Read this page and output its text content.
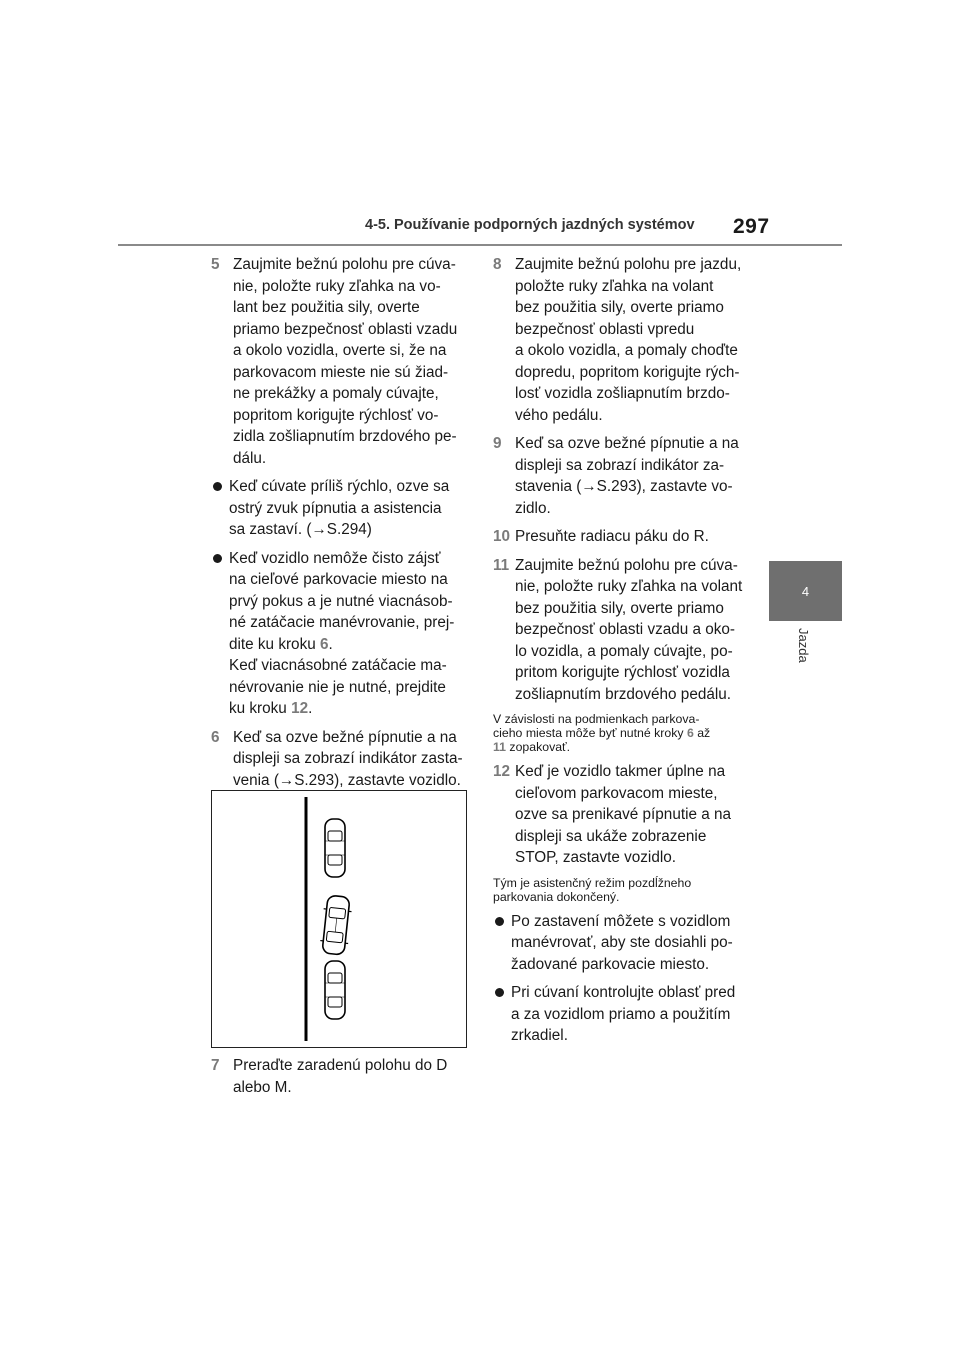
4-5. Používanie podporných jazdných systémov 297
4
Jazda
5 Zaujmite bežnú polohu pre cúva-
nie, položte ruky zľahka na vo-
lant bez použitia sily, overte
priamo bezpečnosť oblasti vzadu
a okolo vozidla, overte si, že na
parkovacom mieste nie sú žiad-
ne prekážky a pomaly cúvajte,
popritom korigujte rýchlosť vo-
zidla zošliapnutím brzdového pe-
dálu.
Keď cúvate príliš rýchlo, ozve sa
ostrý zvuk pípnutia a asistencia
sa zastaví. (→S.294)
Keď vozidlo nemôže čisto zájsť
na cieľové parkovacie miesto na
prvý pokus a je nutné viacnásob-
né zatáčacie manévrovanie, prej-
dite ku kroku 6.
Keď viacnásobné zatáčacie ma-
névrovanie nie je nutné, prejdite
ku kroku 12.
6 Keď sa ozve bežné pípnutie a na
displeji sa zobrazí indikátor zasta-
venia (→S.293), zastavte vozidlo.
7 Preraďte zaradenú polohu do D
alebo M.
8 Zaujmite bežnú polohu pre jazdu,
položte ruky zľahka na volant
bez použitia sily, overte priamo
bezpečnosť oblasti vpredu
a okolo vozidla, a pomaly choďte
dopredu, popritom korigujte rých-
losť vozidla zošliapnutím brzdo-
vého pedálu.
9 Keď sa ozve bežné pípnutie a na
displeji sa zobrazí indikátor za-
stavenia (→S.293), zastavte vo-
zidlo.
10 Presuňte radiacu páku do R.
11 Zaujmite bežnú polohu pre cúva-
nie, položte ruky zľahka na volant
bez použitia sily, overte priamo
bezpečnosť oblasti vzadu a oko-
lo vozidla, a pomaly cúvajte, po-
pritom korigujte rýchlosť vozidla
zošliapnutím brzdového pedálu.
V závislosti na podmienkach parkova-
cieho miesta môže byť nutné kroky 6 až
11 zopakovať.
12 Keď je vozidlo takmer úplne na
cieľovom parkovacom mieste,
ozve sa prenikavé pípnutie a na
displeji sa ukáže zobrazenie
STOP, zastavte vozidlo.
Tým je asistenčný režim pozdĺžneho
parkovania dokončený.
Po zastavení môžete s vozidlom
manévrovať, aby ste dosiahli po-
žadované parkovacie miesto.
Pri cúvaní kontrolujte oblasť pred
a za vozidlom priamo a použitím
zrkadiel.
